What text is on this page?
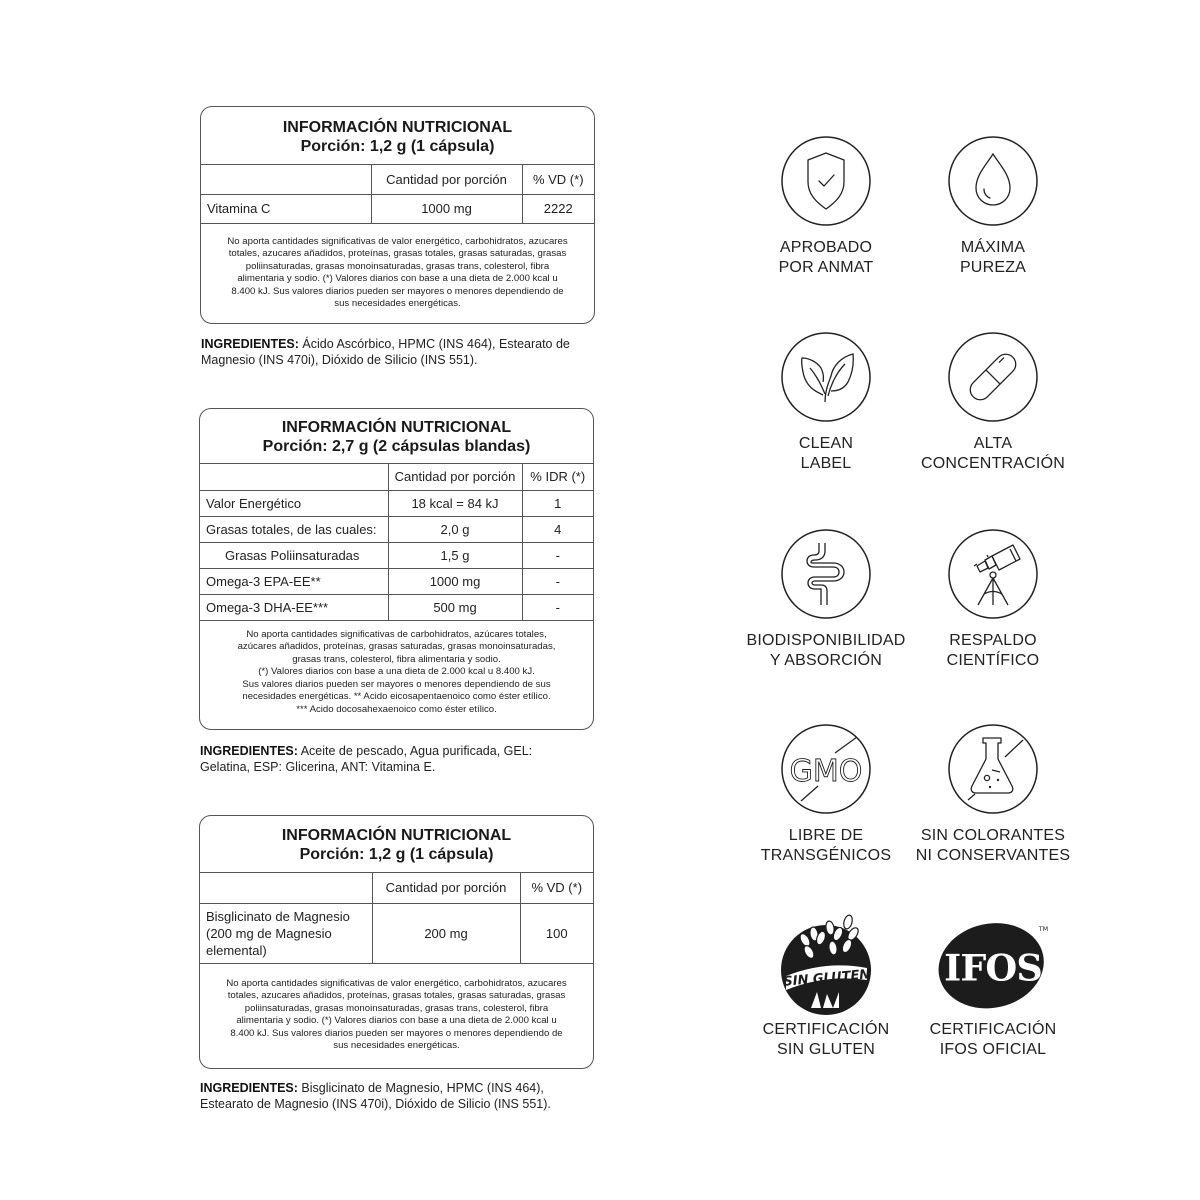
INFORMACIÓN NUTRICIONAL
Porción: 1,2 g (1 cápsula)
	Cantidad por porción	% VD (*)
Vitamina C	1000 mg	2222
No aporta cantidades significativas de valor energético, carbohidratos, azucares totales, azucares añadidos, proteínas, grasas totales, grasas saturadas, grasas poliinsaturadas, grasas monoinsaturadas, grasas trans, colesterol, fibra alimentaria y sodio. (*) Valores diarios con base a una dieta de 2.000 kcal u 8.400 kJ. Sus valores diarios pueden ser mayores o menores dependiendo de sus necesidades energéticas.
INGREDIENTES: Ácido Ascórbico, HPMC (INS 464), Estearato de Magnesio (INS 470i), Dióxido de Silicio (INS 551).
INFORMACIÓN NUTRICIONAL
Porción: 2,7 g (2 cápsulas blandas)
	Cantidad por porción	% IDR (*)
Valor Energético	18 kcal = 84 kJ	1
Grasas totales, de las cuales:	2,0 g	4
Grasas Poliinsaturadas	1,5 g	-
Omega-3 EPA-EE**	1000 mg	-
Omega-3 DHA-EE***	500 mg	-
No aporta cantidades significativas de carbohidratos, azúcares totales,
azúcares añadidos, proteínas, grasas saturadas, grasas monoinsaturadas,
grasas trans, colesterol, fibra alimentaria y sodio.
(*) Valores diarios con base a una dieta de 2.000 kcal u 8.400 kJ.
Sus valores diarios pueden ser mayores o menores dependiendo de sus
necesidades energéticas. ** Acido eicosapentaenoico como éster etílico.
*** Acido docosahexaenoico como éster etílico.
INGREDIENTES: Aceite de pescado, Agua purificada, GEL: Gelatina, ESP: Glicerina, ANT: Vitamina E.
INFORMACIÓN NUTRICIONAL
Porción: 1,2 g (1 cápsula)
	Cantidad por porción	% VD (*)
Bisglicinato de Magnesio (200 mg de Magnesio elemental)	200 mg	100
No aporta cantidades significativas de valor energético, carbohidratos, azucares totales, azucares añadidos, proteínas, grasas totales, grasas saturadas, grasas poliinsaturadas, grasas monoinsaturadas, grasas trans, colesterol, fibra alimentaria y sodio. (*) Valores diarios con base a una dieta de 2.000 kcal u 8.400 kJ. Sus valores diarios pueden ser mayores o menores dependiendo de sus necesidades energéticas.
INGREDIENTES: Bisglicinato de Magnesio, HPMC (INS 464), Estearato de Magnesio (INS 470i), Dióxido de Silicio (INS 551).
APROBADO
POR ANMAT
MÁXIMA
PUREZA
CLEAN
LABEL
ALTA
CONCENTRACIÓN
BIODISPONIBILIDAD
Y ABSORCIÓN
RESPALDO
CIENTÍFICO
GMO
LIBRE DE
TRANSGÉNICOS
SIN COLORANTES
NI CONSERVANTES
SIN GLUTEN
CERTIFICACIÓN
SIN GLUTEN
TM
IFOS
CERTIFICACIÓN
IFOS OFICIAL
